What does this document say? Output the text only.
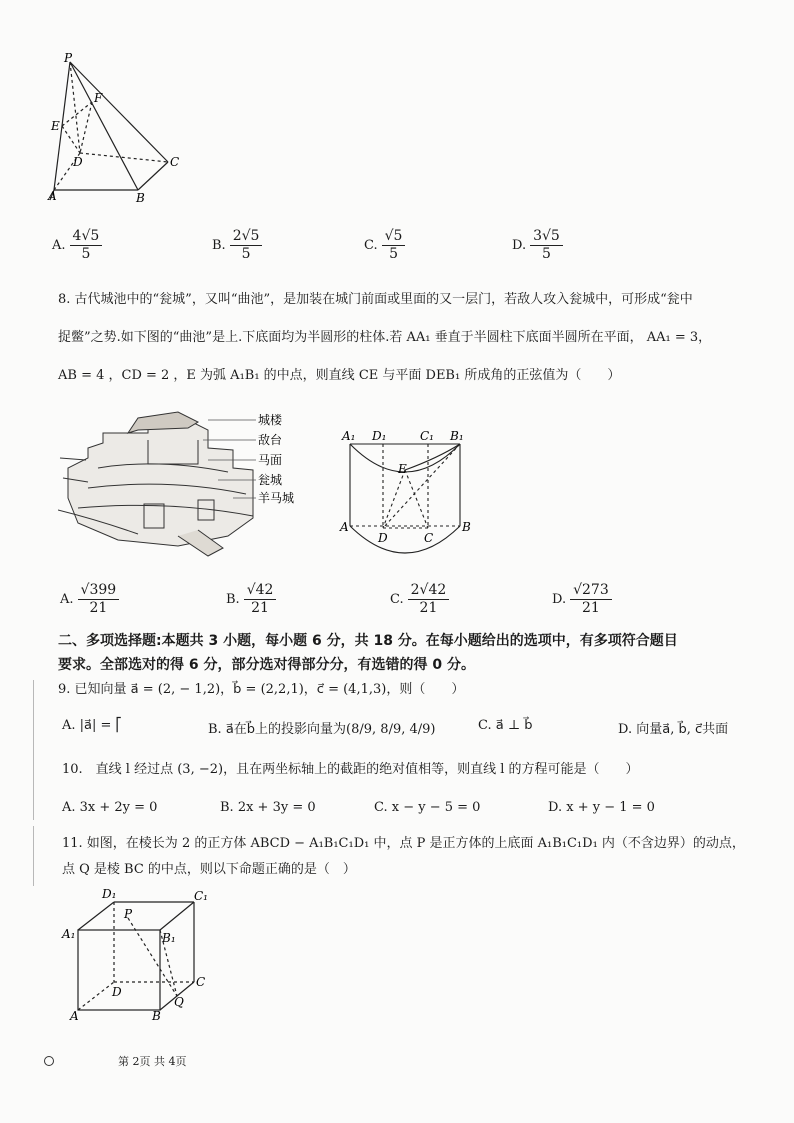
P
E
F
D	C
A	B
A. $\frac{4√5}{5}$	B. $\frac{2√5}{5}$	C. $\frac{√5}{5}$	D. $\frac{3√5}{5}$
8. 古代城池中的“瓮城”，又叫“曲池”，是加装在城门前面或里面的又一层门，若敌人攻入瓮城中，可形成“瓮中
捉鳖”之势.如下图的“曲池”是上.下底面均为半圆形的柱体.若 AA₁ 垂直于半圆柱下底面半圆所在平面， AA₁ = 3，
AB = 4 ，CD = 2 ，E 为弧 A₁B₁ 的中点，则直线 CE 与平面 DEB₁ 所成角的正弦值为（　　）
城楼
敌台
马面
瓮城
羊马城
A₁ D₁	C₁ B₁
E
A
D	C
B
A. $\frac{√399}{21}$	B. $\frac{√42}{21}$	C. $\frac{2√42}{21}$	D. $\frac{√273}{21}$
二、多项选择题:本题共 3 小题，每小题 6 分，共 18 分。在每小题给出的选项中，有多项符合题目
要求。全部选对的得 6 分，部分选对得部分分，有选错的得 0 分。
9. 已知向量 a⃗ = (2, − 1,2)，b⃗ = (2,2,1)，c⃗ = (4,1,3)，则（　　）
A. |a⃗| = ⎡	B. a⃗在b⃗上的投影向量为(8/9, 8/9, 4/9)	C. a⃗ ⊥ b⃗	D. 向量a⃗, b⃗, c⃗共面
10.　直线 l 经过点 (3, −2)，且在两坐标轴上的截距的绝对值相等，则直线 l 的方程可能是（　　）
A. 3x + 2y = 0	B. 2x + 3y = 0	C. x − y − 5 = 0	D. x + y − 1 = 0
11. 如图，在棱长为 2 的正方体 ABCD − A₁B₁C₁D₁ 中，点 P 是正方体的上底面 A₁B₁C₁D₁ 内（不含边界）的动点，
点 Q 是棱 BC 的中点，则以下命题正确的是（　）
D₁	C₁
P
A₁	B₁
C
D
Q
A	B
第 2页 共 4页
